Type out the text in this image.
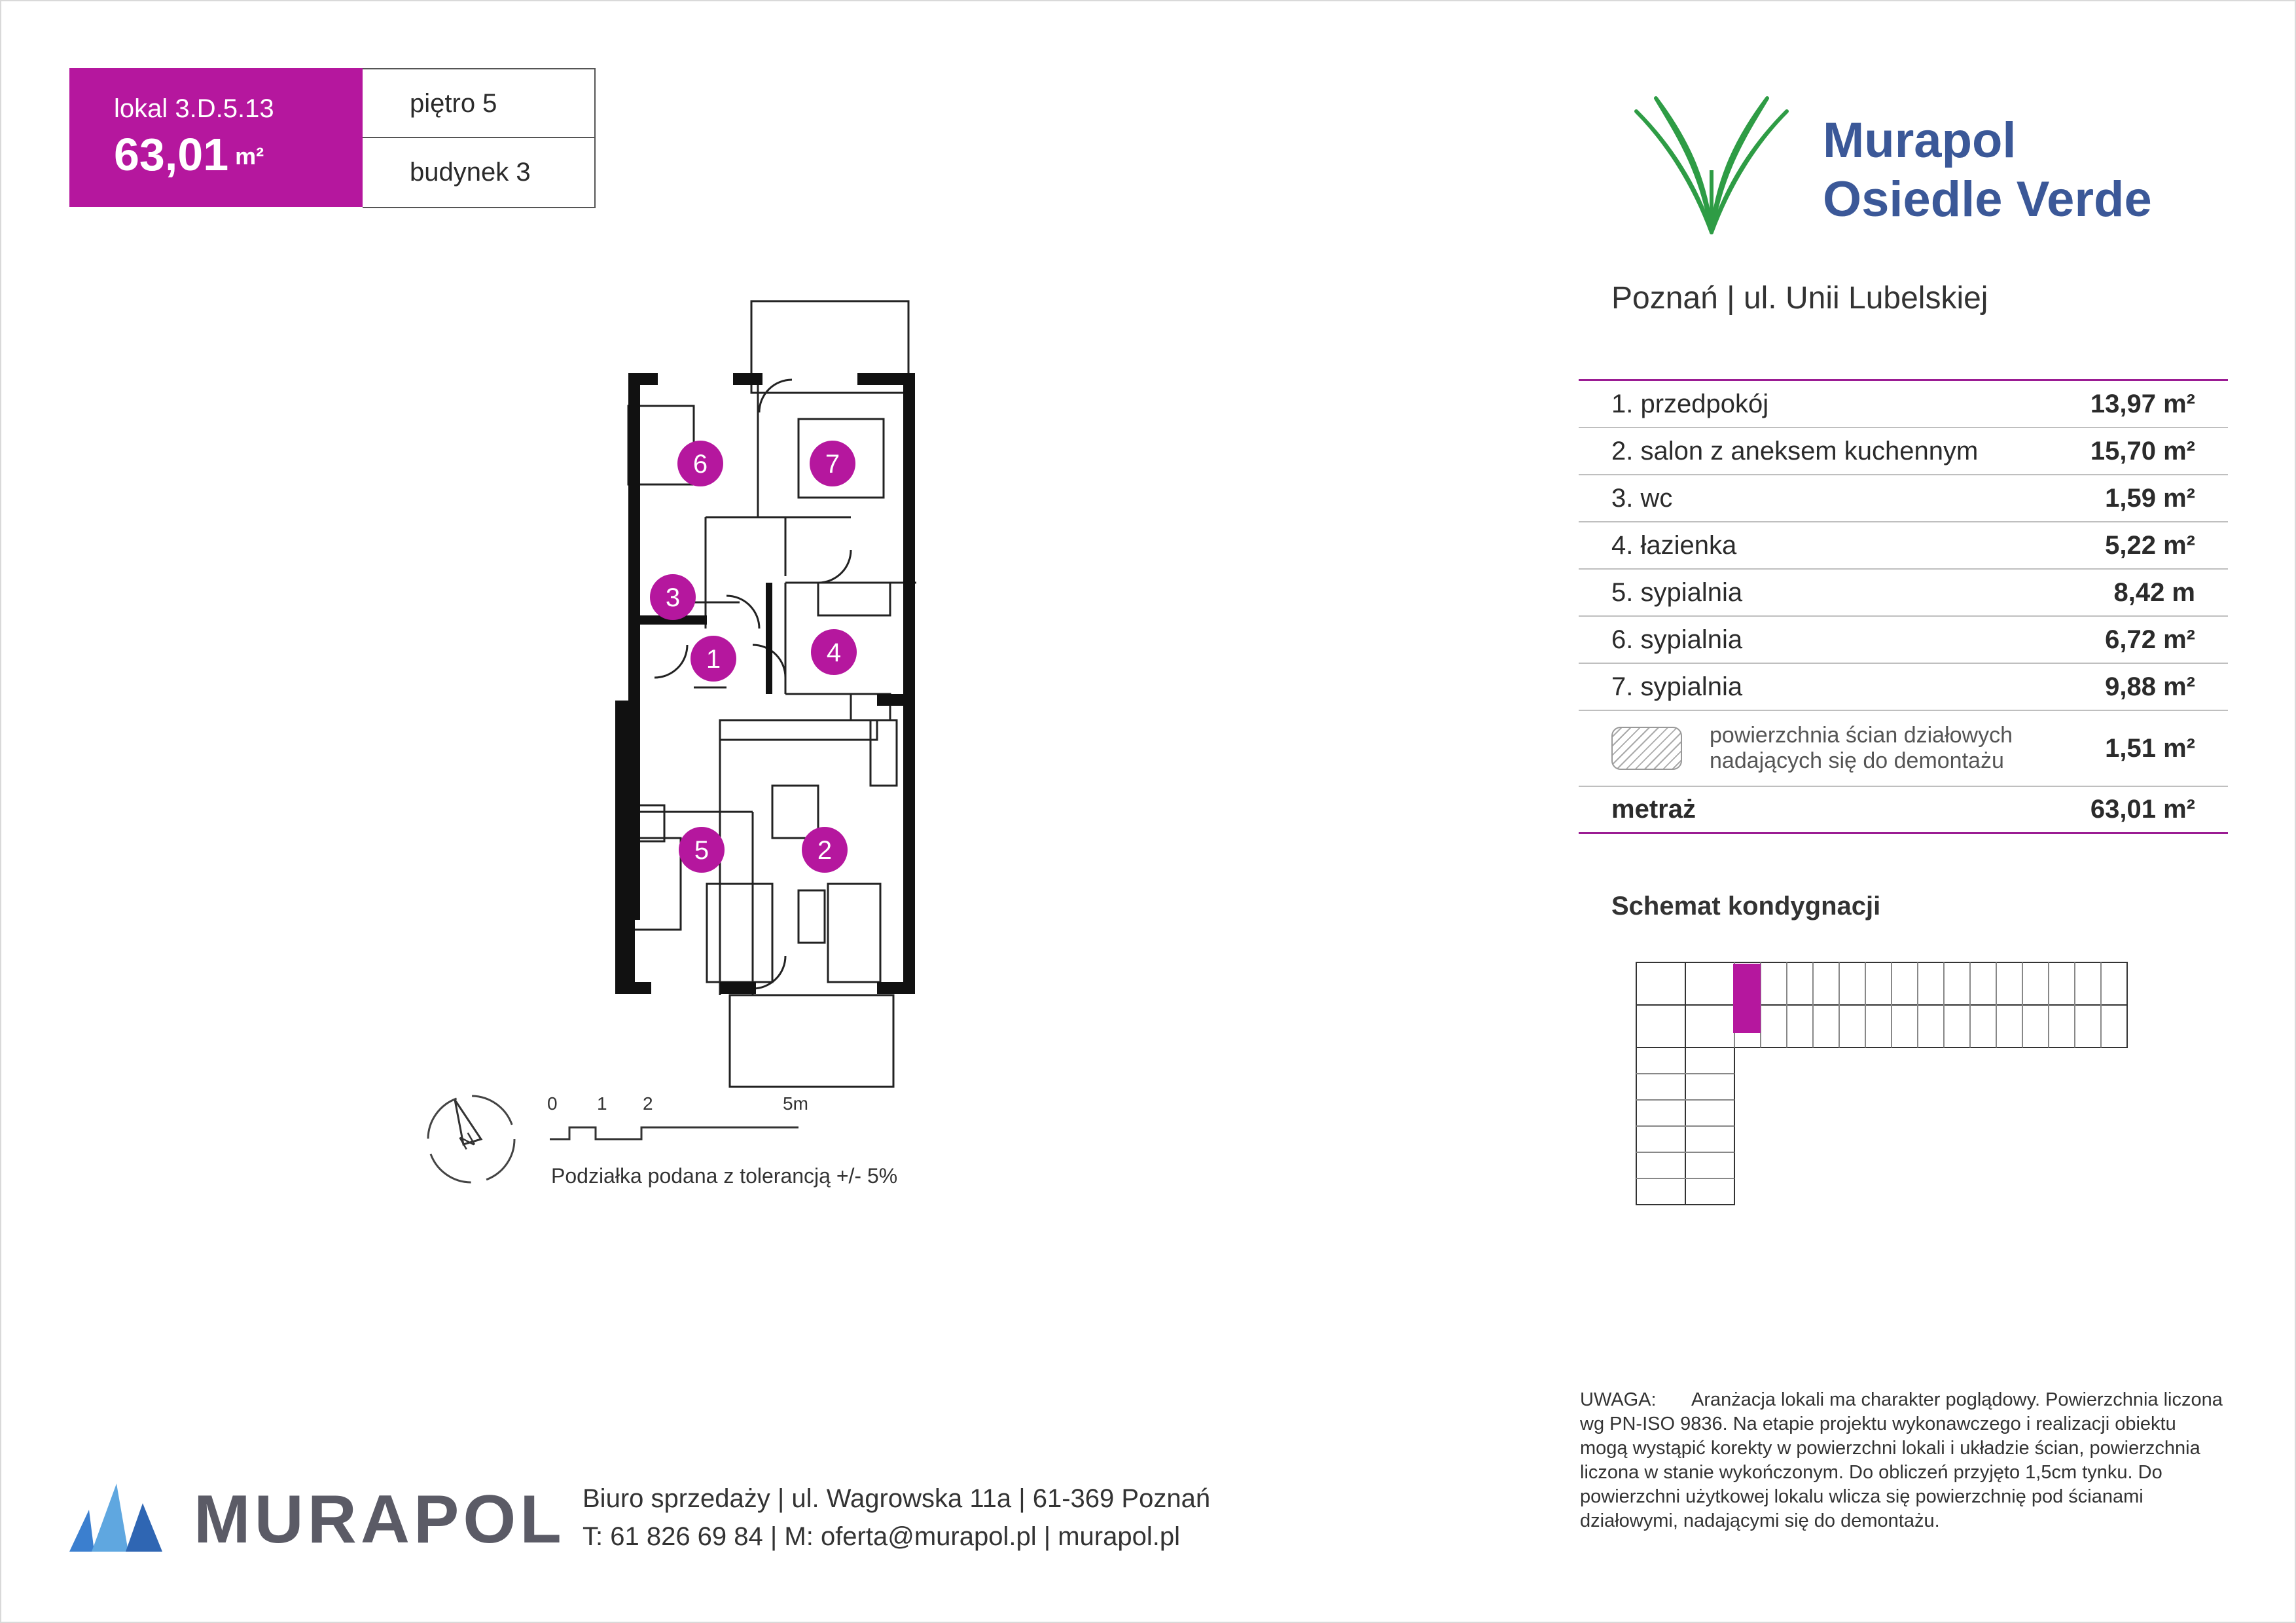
lokal 3.D.5.13
63,01 $^{m^2}$
piętro 5
budynek 3
Murapol
Osiedle Verde
Poznań | ul. Unii Lubelskiej
1. przedpokój	13,97 m²
2. salon z aneksem kuchennym	15,70 m²
3. wc	1,59 m²
4. łazienka	5,22 m²
5. sypialnia	8,42 m
6. sypialnia	6,72 m²
7. sypialnia	9,88 m²
powierzchnia ścian działowych
nadających się do demontażu	1,51 m²
metraż	63,01 m²
6	7
3
1	4
5	2
N
0 1 2	5m
Podziałka podana z tolerancją +/- 5%
Schemat kondygnacji
MURAPOL Biuro sprzedaży | ul. Wagrowska 11a | 61-369 Poznań
T: 61 826 69 84 | M: oferta@murapol.pl | murapol.pl
UWAGA: Aranżacja lokali ma charakter poglądowy. Powierzchnia liczona
wg PN-ISO 9836. Na etapie projektu wykonawczego i realizacji obiektu mogą wystąpić korekty w powierzchni lokali i układzie ścian, powierzchnia liczona w stanie wykończonym. Do obliczeń przyjęto 1,5cm tynku. Do powierzchni użytkowej lokalu wlicza się powierzchnię pod ścianami działowymi, nadającymi się do demontażu.
